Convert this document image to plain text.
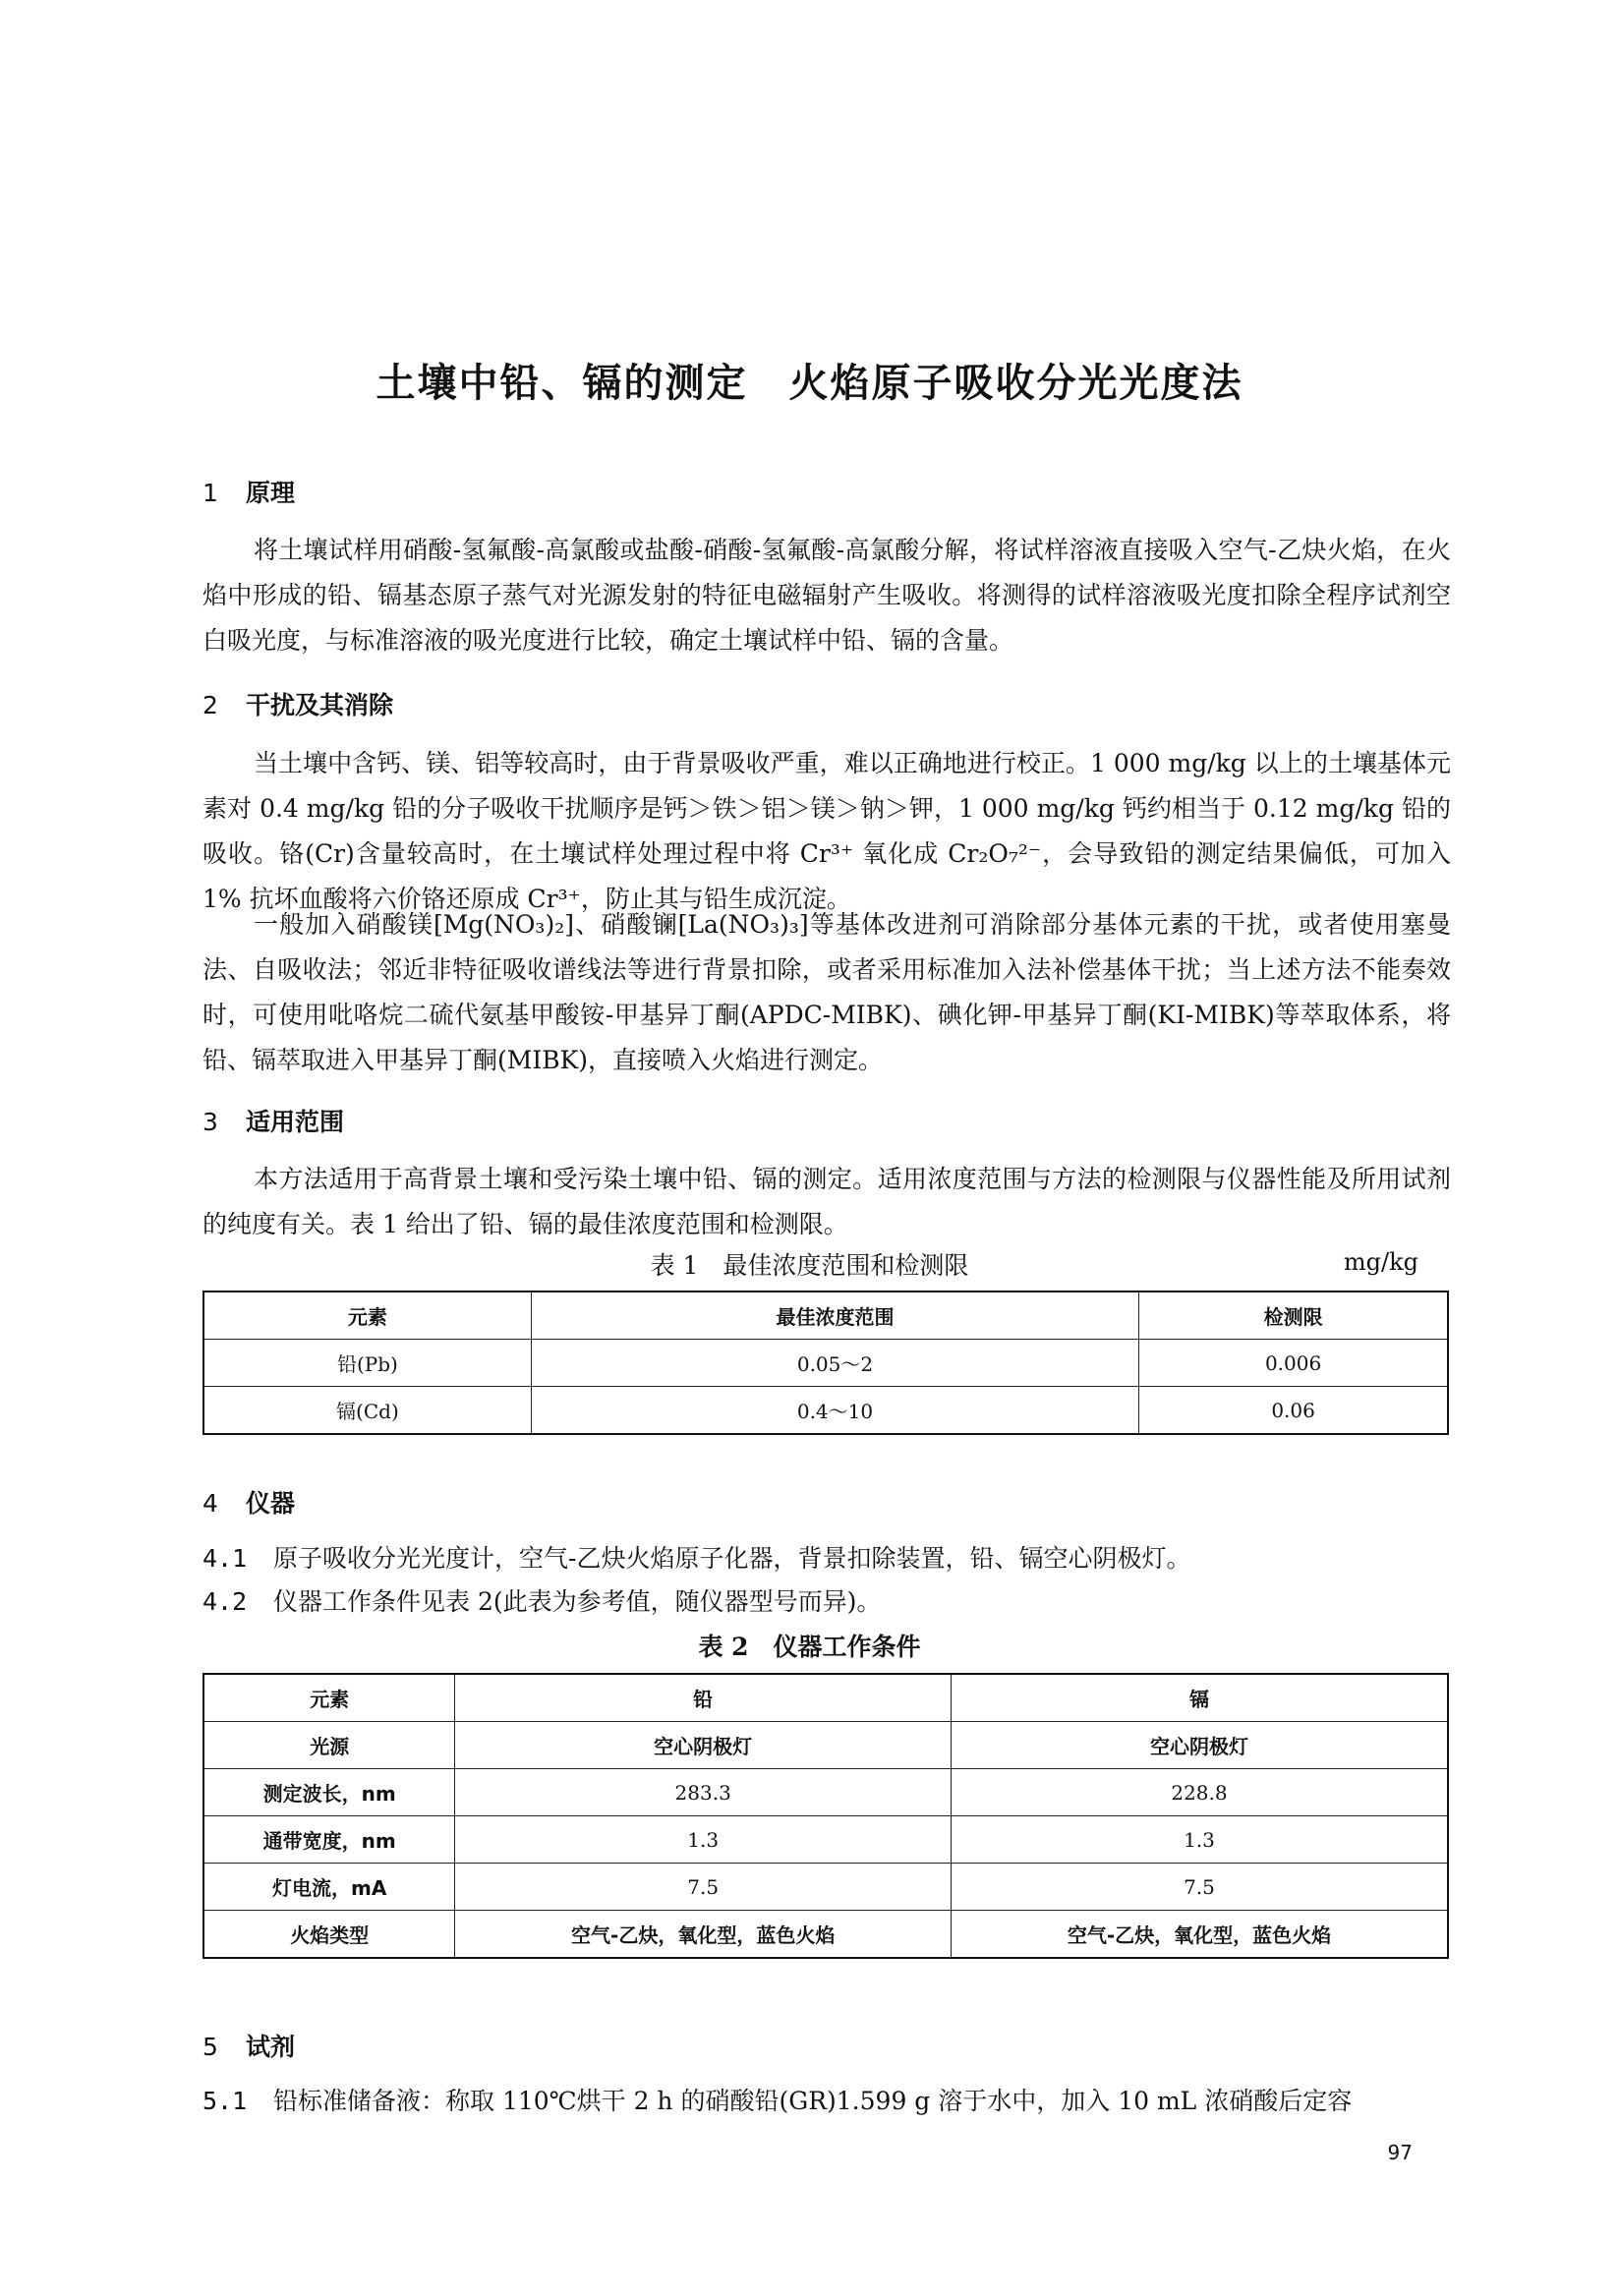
土壤中铅、镉的测定　火焰原子吸收分光光度法
1 原理
将土壤试样用硝酸-氢氟酸-高氯酸或盐酸-硝酸-氢氟酸-高氯酸分解，将试样溶液直接吸入空气-乙炔火焰，在火焰中形成的铅、镉基态原子蒸气对光源发射的特征电磁辐射产生吸收。将测得的试样溶液吸光度扣除全程序试剂空白吸光度，与标准溶液的吸光度进行比较，确定土壤试样中铅、镉的含量。
2 干扰及其消除
当土壤中含钙、镁、铝等较高时，由于背景吸收严重，难以正确地进行校正。1 000 mg/kg 以上的土壤基体元素对 0.4 mg/kg 铅的分子吸收干扰顺序是钙＞铁＞铝＞镁＞钠＞钾，1 000 mg/kg 钙约相当于 0.12 mg/kg 铅的吸收。铬(Cr)含量较高时，在土壤试样处理过程中将 Cr³⁺ 氧化成 Cr₂O₇²⁻，会导致铅的测定结果偏低，可加入 1% 抗坏血酸将六价铬还原成 Cr³⁺，防止其与铅生成沉淀。
一般加入硝酸镁[Mg(NO₃)₂]、硝酸镧[La(NO₃)₃]等基体改进剂可消除部分基体元素的干扰，或者使用塞曼法、自吸收法；邻近非特征吸收谱线法等进行背景扣除，或者采用标准加入法补偿基体干扰；当上述方法不能奏效时，可使用吡咯烷二硫代氨基甲酸铵-甲基异丁酮(APDC-MIBK)、碘化钾-甲基异丁酮(KI-MIBK)等萃取体系，将铅、镉萃取进入甲基异丁酮(MIBK)，直接喷入火焰进行测定。
3 适用范围
本方法适用于高背景土壤和受污染土壤中铅、镉的测定。适用浓度范围与方法的检测限与仪器性能及所用试剂的纯度有关。表 1 给出了铅、镉的最佳浓度范围和检测限。
表 1　最佳浓度范围和检测限	mg/kg
元素	最佳浓度范围	检测限
铅(Pb)	0.05～2	0.006
镉(Cd)	0.4～10	0.06
4 仪器
4.1 原子吸收分光光度计，空气-乙炔火焰原子化器，背景扣除装置，铅、镉空心阴极灯。
4.2 仪器工作条件见表 2(此表为参考值，随仪器型号而异)。
表 2　仪器工作条件
元素	铅	镉
光源	空心阴极灯	空心阴极灯
测定波长，nm	283.3	228.8
通带宽度，nm	1.3	1.3
灯电流，mA	7.5	7.5
火焰类型	空气-乙炔，氧化型，蓝色火焰	空气-乙炔，氧化型，蓝色火焰
5 试剂
5.1 铅标准储备液：称取 110℃烘干 2 h 的硝酸铅(GR)1.599 g 溶于水中，加入 10 mL 浓硝酸后定容
97
